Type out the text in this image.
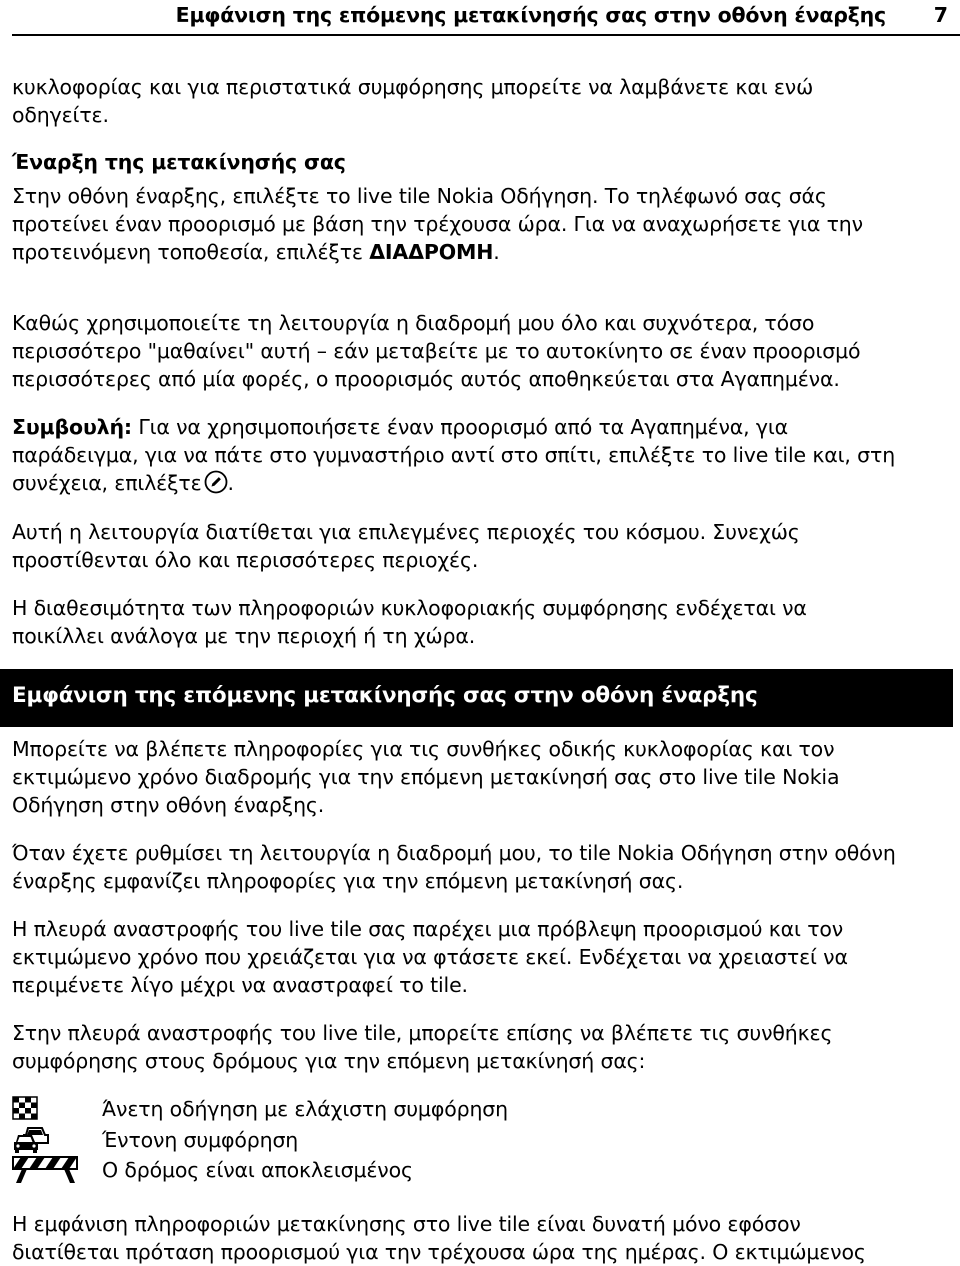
Εμφάνιση της επόμενης μετακίνησής σας στην οθόνη έναρξης 7
κυκλοφορίας και για περιστατικά συμφόρησης μπορείτε να λαμβάνετε και ενώ
οδηγείτε.
Έναρξη της μετακίνησής σας
Στην οθόνη έναρξης, επιλέξτε το live tile Nokia Οδήγηση. Το τηλέφωνό σας σάς
προτείνει έναν προορισμό με βάση την τρέχουσα ώρα. Για να αναχωρήσετε για την
προτεινόμενη τοποθεσία, επιλέξτε ΔΙΑΔΡΟΜΗ.
Καθώς χρησιμοποιείτε τη λειτουργία η διαδρομή μου όλο και συχνότερα, τόσο
περισσότερο "μαθαίνει" αυτή – εάν μεταβείτε με το αυτοκίνητο σε έναν προορισμό
περισσότερες από μία φορές, ο προορισμός αυτός αποθηκεύεται στα Αγαπημένα.
Συμβουλή: Για να χρησιμοποιήσετε έναν προορισμό από τα Αγαπημένα, για
παράδειγμα, για να πάτε στο γυμναστήριο αντί στο σπίτι, επιλέξτε το live tile και, στη
συνέχεια, επιλέξτε .
Αυτή η λειτουργία διατίθεται για επιλεγμένες περιοχές του κόσμου. Συνεχώς
προστίθενται όλο και περισσότερες περιοχές.
Η διαθεσιμότητα των πληροφοριών κυκλοφοριακής συμφόρησης ενδέχεται να
ποικίλλει ανάλογα με την περιοχή ή τη χώρα.
Εμφάνιση της επόμενης μετακίνησής σας στην οθόνη έναρξης
Μπορείτε να βλέπετε πληροφορίες για τις συνθήκες οδικής κυκλοφορίας και τον
εκτιμώμενο χρόνο διαδρομής για την επόμενη μετακίνησή σας στο live tile Nokia
Οδήγηση στην οθόνη έναρξης.
Όταν έχετε ρυθμίσει τη λειτουργία η διαδρομή μου, το tile Nokia Οδήγηση στην οθόνη
έναρξης εμφανίζει πληροφορίες για την επόμενη μετακίνησή σας.
Η πλευρά αναστροφής του live tile σας παρέχει μια πρόβλεψη προορισμού και τον
εκτιμώμενο χρόνο που χρειάζεται για να φτάσετε εκεί. Ενδέχεται να χρειαστεί να
περιμένετε λίγο μέχρι να αναστραφεί το tile.
Στην πλευρά αναστροφής του live tile, μπορείτε επίσης να βλέπετε τις συνθήκες
συμφόρησης στους δρόμους για την επόμενη μετακίνησή σας:
Άνετη οδήγηση με ελάχιστη συμφόρηση
Έντονη συμφόρηση
Ο δρόμος είναι αποκλεισμένος
Η εμφάνιση πληροφοριών μετακίνησης στο live tile είναι δυνατή μόνο εφόσον
διατίθεται πρόταση προορισμού για την τρέχουσα ώρα της ημέρας. Ο εκτιμώμενος
